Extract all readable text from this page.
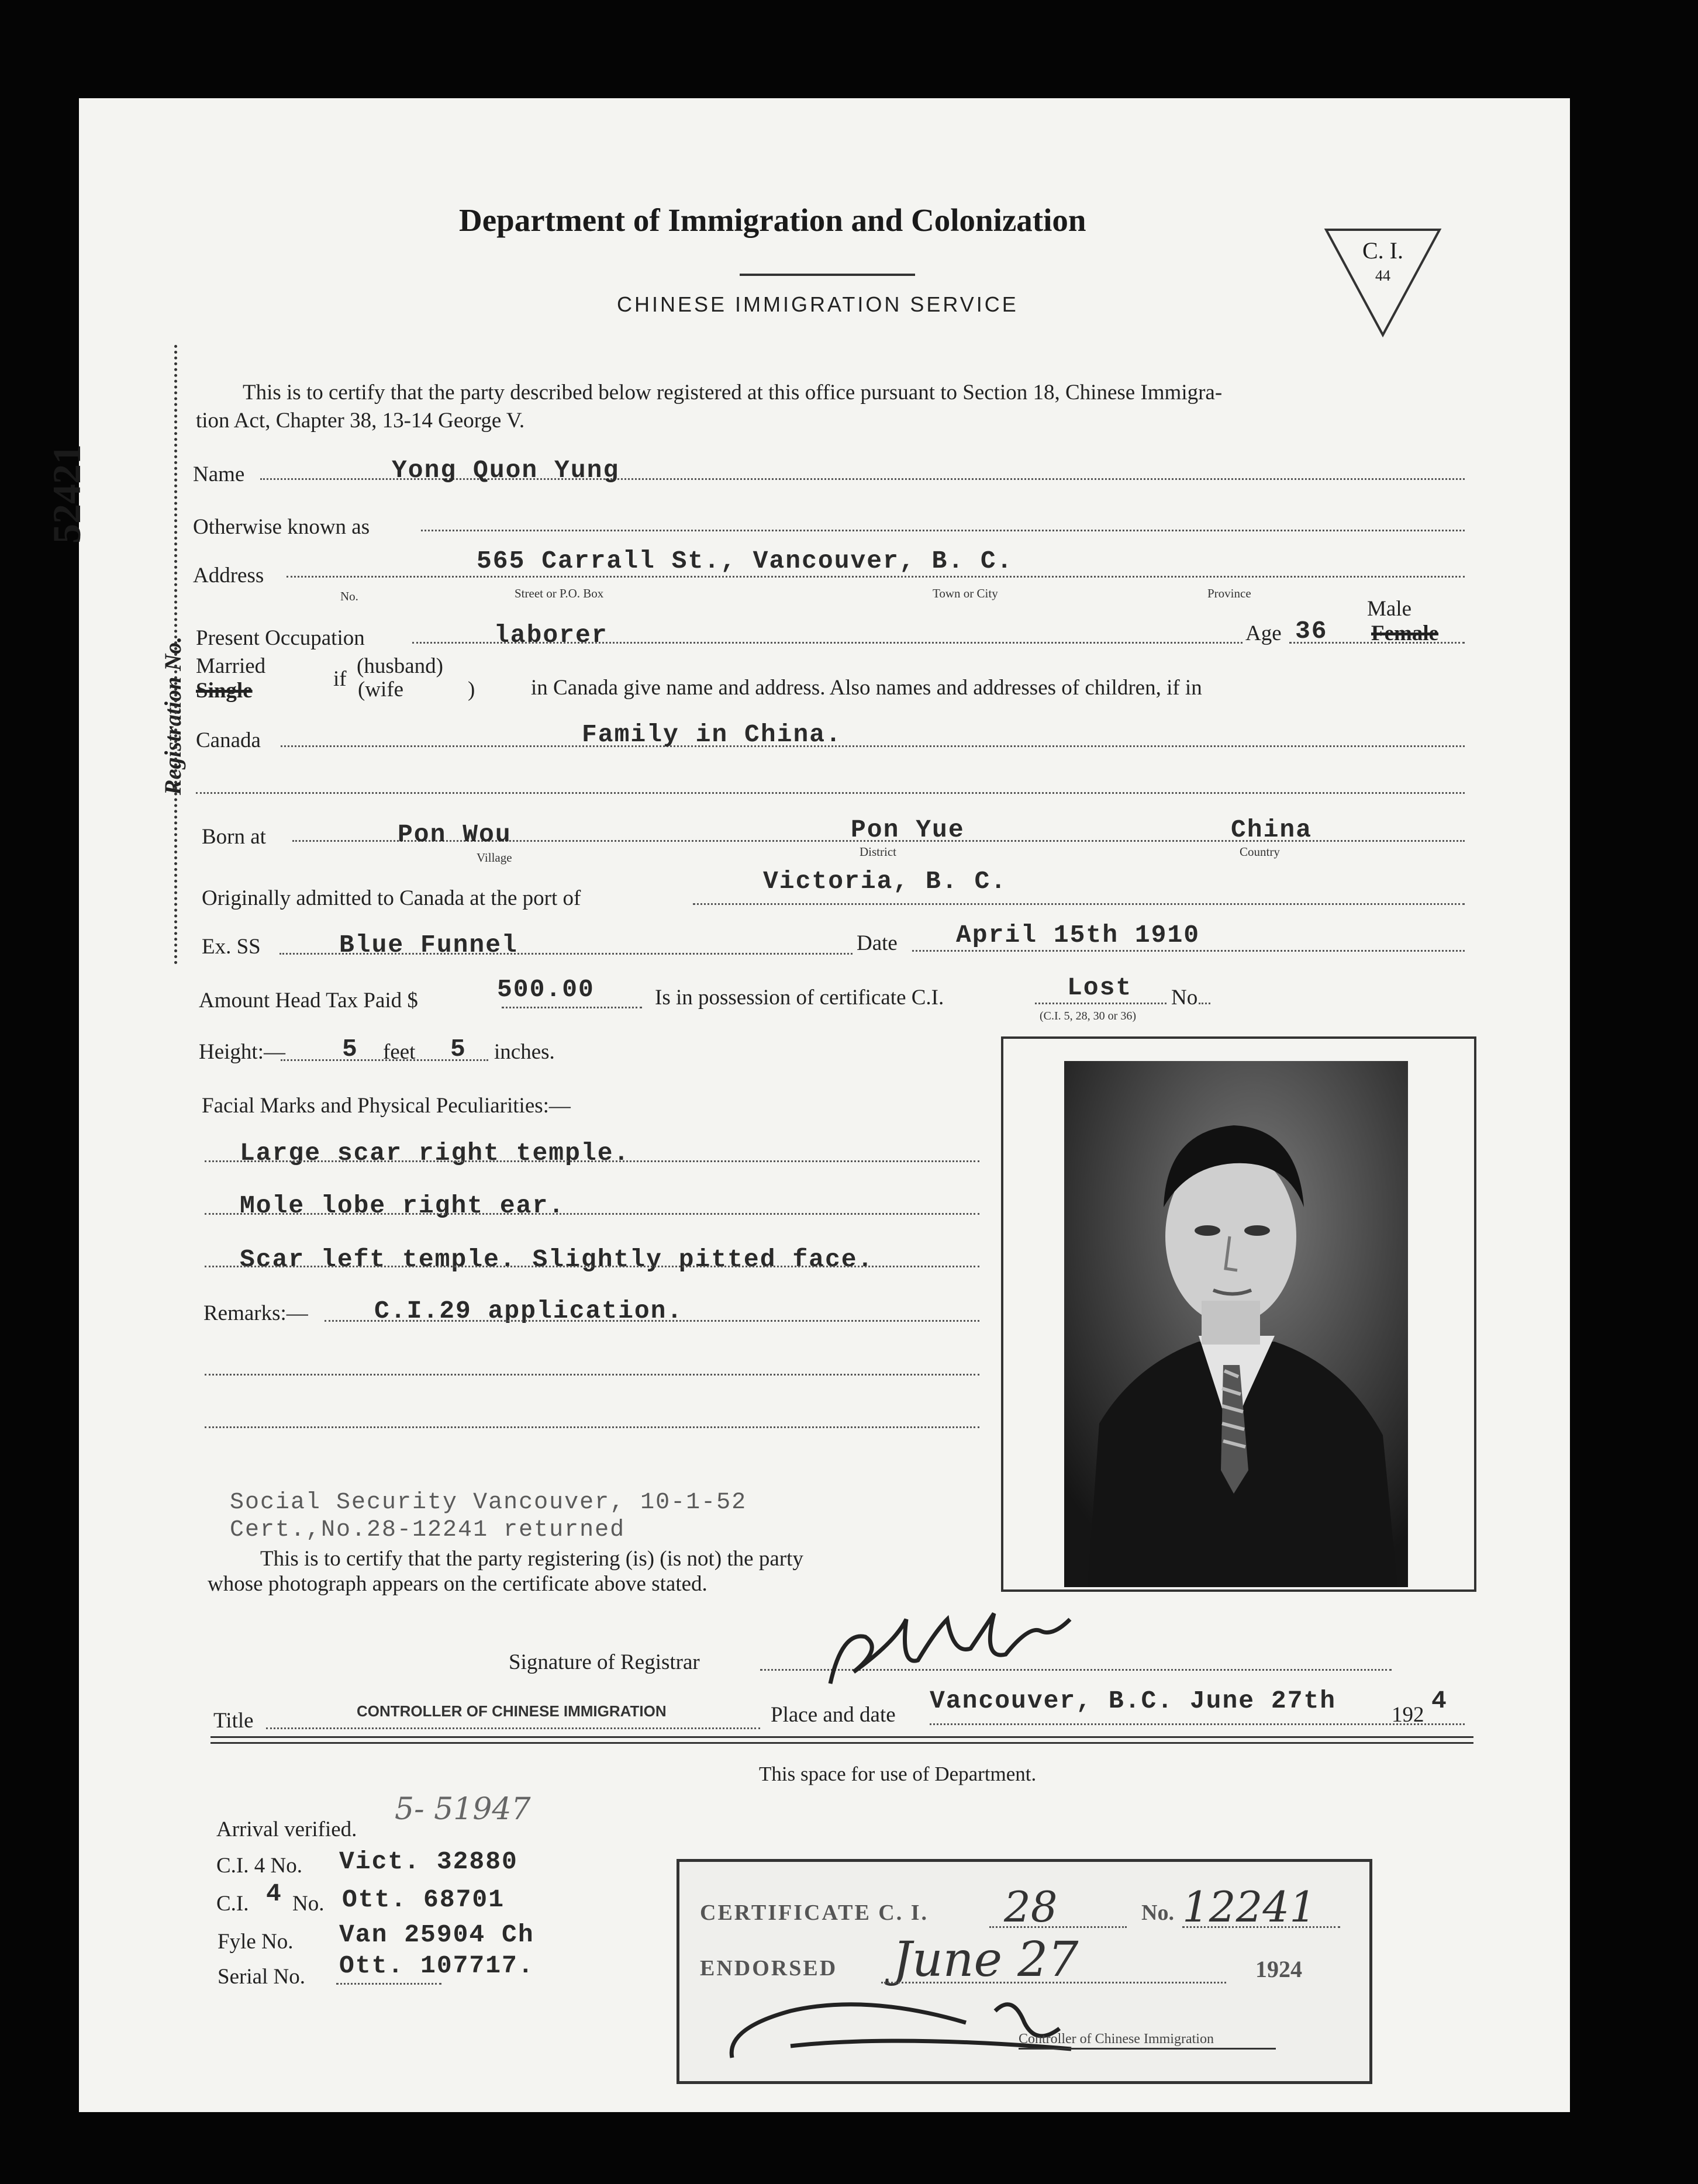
Department of Immigration and Colonization
CHINESE IMMIGRATION SERVICE
C. I.
44
52421
Registration No.
This is to certify that the party described below registered at this office pursuant to Section 18, Chinese Immigra-
tion Act, Chapter 38, 13-14 George V.
Name	Yong Quon Yung
Otherwise known as
Address
565 Carrall St., Vancouver, B. C.
No.	Street or P.O. Box	Town or City	Province
Male
Present Occupation	laborer	Age 36 Female
Married
Single	if
(husband)
(wife	)	in Canada give name and address. Also names and addresses of children, if in
Canada	Family in China.
Born at	Pon Wou	Pon Yue	China
Village	District	Country
Originally admitted to Canada at the port of
Victoria, B. C.
Ex. SS	Blue Funnel	Date April 15th 1910
Amount Head Tax Paid $	500.00	Is in possession of certificate C.I.	Lost No
(C.I. 5, 28, 30 or 36)
Height:— 5 feet 5 inches.
Facial Marks and Physical Peculiarities:—
Large scar right temple.
Mole lobe right ear.
Scar left temple. Slightly pitted face.
Remarks:—	C.I.29 application.
Social Security Vancouver, 10-1-52
Cert.,No.28-12241 returned
This is to certify that the party registering (is) (is not) the party
whose photograph appears on the certificate above stated.
Signature of Registrar
Title	CONTROLLER OF CHINESE IMMIGRATION	Place and date Vancouver, B.C. June 27th	192 4
This space for use of Department.
Arrival verified.
5- 51947
C.I. 4 No. Vict. 32880
C.I. 4 No. Ott. 68701
Fyle No. Van 25904 Ch
Serial No. Ott. 107717.
CERTIFICATE C. I. 28	No. 12241
ENDORSED June 27	1924
Controller of Chinese Immigration
